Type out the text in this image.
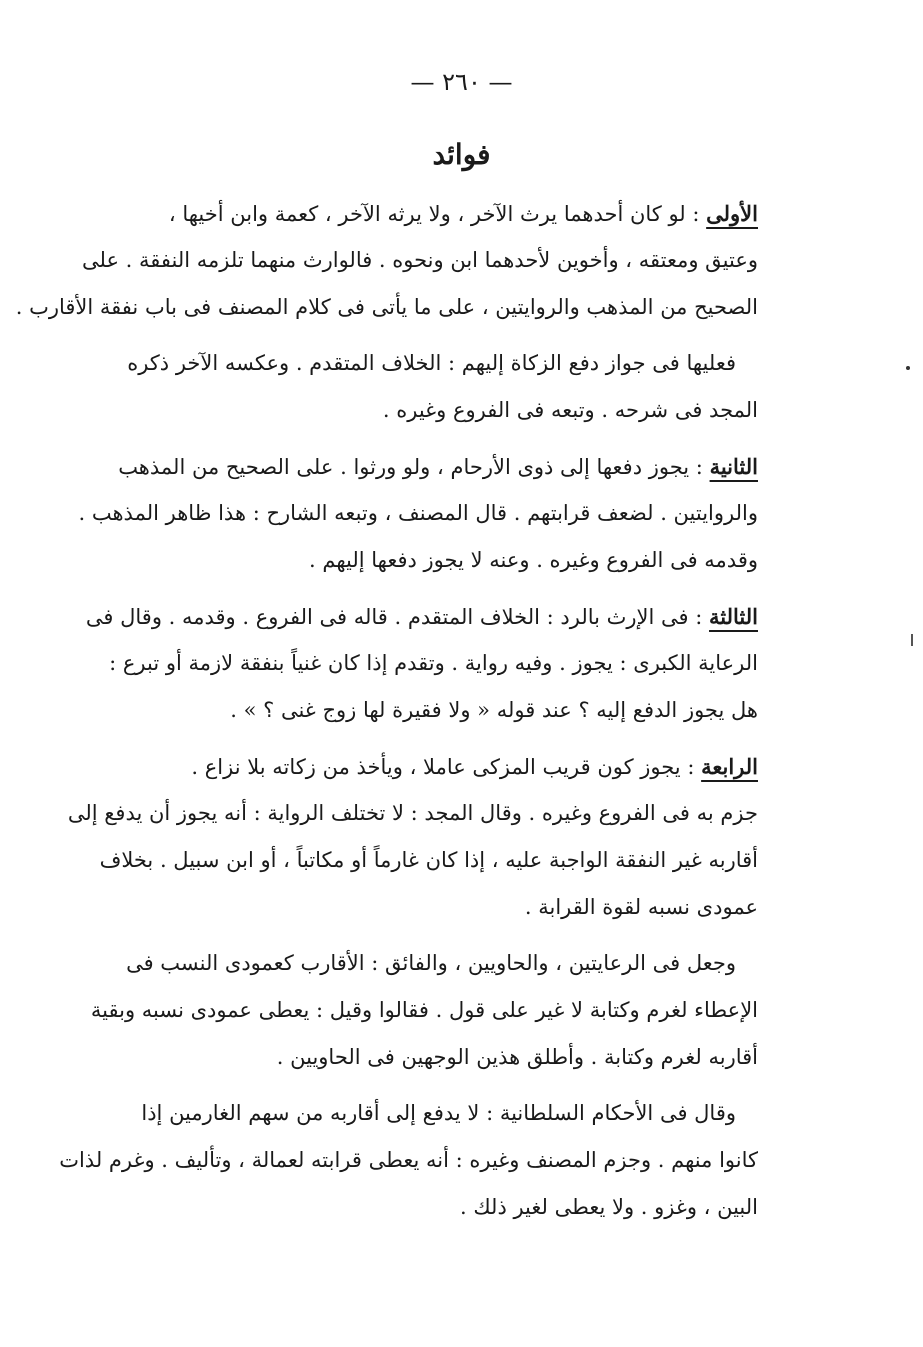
— ٢٦٠ —
فوائد
الأولى : لو كان أحدهما يرث الآخر ، ولا يرثه الآخر ، كعمة وابن أخيها ،
وعتيق ومعتقه ، وأخوين لأحدهما ابن ونحوه . فالوارث منهما تلزمه النفقة . على
الصحيح من المذهب والروايتين ، على ما يأتى فى كلام المصنف فى باب نفقة الأقارب .
فعليها فى جواز دفع الزكاة إليهم : الخلاف المتقدم . وعكسه الآخر ذكره
المجد فى شرحه . وتبعه فى الفروع وغيره .
الثانية : يجوز دفعها إلى ذوى الأرحام ، ولو ورثوا . على الصحيح من المذهب
والروايتين . لضعف قرابتهم . قال المصنف ، وتبعه الشارح : هذا ظاهر المذهب .
وقدمه فى الفروع وغيره . وعنه لا يجوز دفعها إليهم .
الثالثة : فى الإرث بالرد : الخلاف المتقدم . قاله فى الفروع . وقدمه . وقال فى
الرعاية الكبرى : يجوز . وفيه رواية . وتقدم إذا كان غنياً بنفقة لازمة أو تبرع :
هل يجوز الدفع إليه ؟ عند قوله « ولا فقيرة لها زوج غنى ؟ » .
الرابعة : يجوز كون قريب المزكى عاملا ، ويأخذ من زكاته بلا نزاع .
جزم به فى الفروع وغيره . وقال المجد : لا تختلف الرواية : أنه يجوز أن يدفع إلى
أقاربه غير النفقة الواجبة عليه ، إذا كان غارماً أو مكاتباً ، أو ابن سبيل . بخلاف
عمودى نسبه لقوة القرابة .
وجعل فى الرعايتين ، والحاويين ، والفائق : الأقارب كعمودى النسب فى
الإعطاء لغرم وكتابة لا غير على قول . فقالوا وقيل : يعطى عمودى نسبه وبقية
أقاربه لغرم وكتابة . وأطلق هذين الوجهين فى الحاويين .
وقال فى الأحكام السلطانية : لا يدفع إلى أقاربه من سهم الغارمين إذا
كانوا منهم . وجزم المصنف وغيره : أنه يعطى قرابته لعمالة ، وتأليف . وغرم لذات
البين ، وغزو . ولا يعطى لغير ذلك .
